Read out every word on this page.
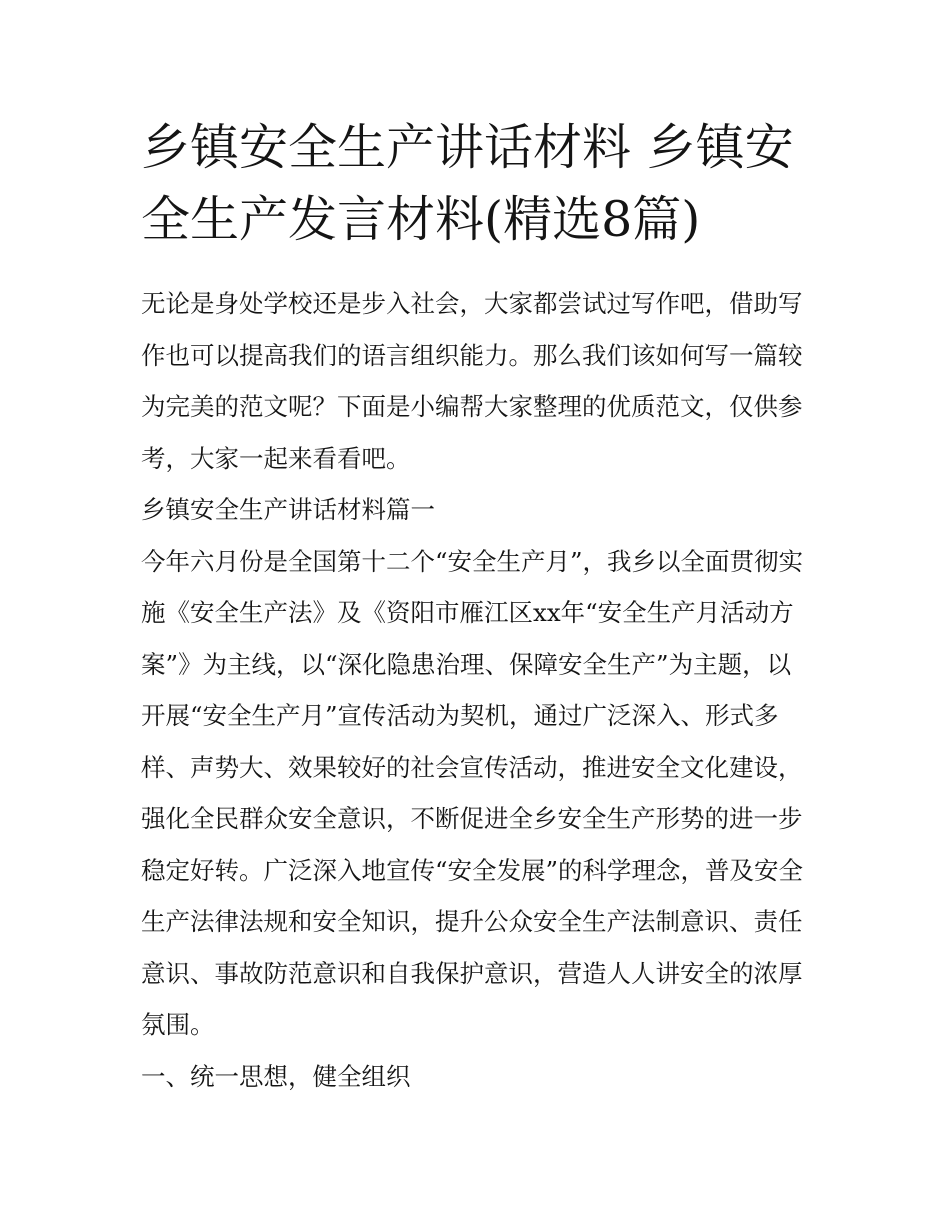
乡镇安全生产讲话材料 乡镇安全生产发言材料(精选8篇)

无论是身处学校还是步入社会，大家都尝试过写作吧，借助写作也可以提高我们的语言组织能力。那么我们该如何写一篇较为完美的范文呢？下面是小编帮大家整理的优质范文，仅供参考，大家一起来看看吧。

乡镇安全生产讲话材料篇一

今年六月份是全国第十二个“安全生产月”，我乡以全面贯彻实施《安全生产法》及《资阳市雁江区xx年“安全生产月活动方案”》为主线，以“深化隐患治理、保障安全生产”为主题，以开展“安全生产月”宣传活动为契机，通过广泛深入、形式多样、声势大、效果较好的社会宣传活动，推进安全文化建设，强化全民群众安全意识，不断促进全乡安全生产形势的进一步稳定好转。广泛深入地宣传“安全发展”的科学理念，普及安全生产法律法规和安全知识，提升公众安全生产法制意识、责任意识、事故防范意识和自我保护意识，营造人人讲安全的浓厚氛围。

一、统一思想，健全组织
